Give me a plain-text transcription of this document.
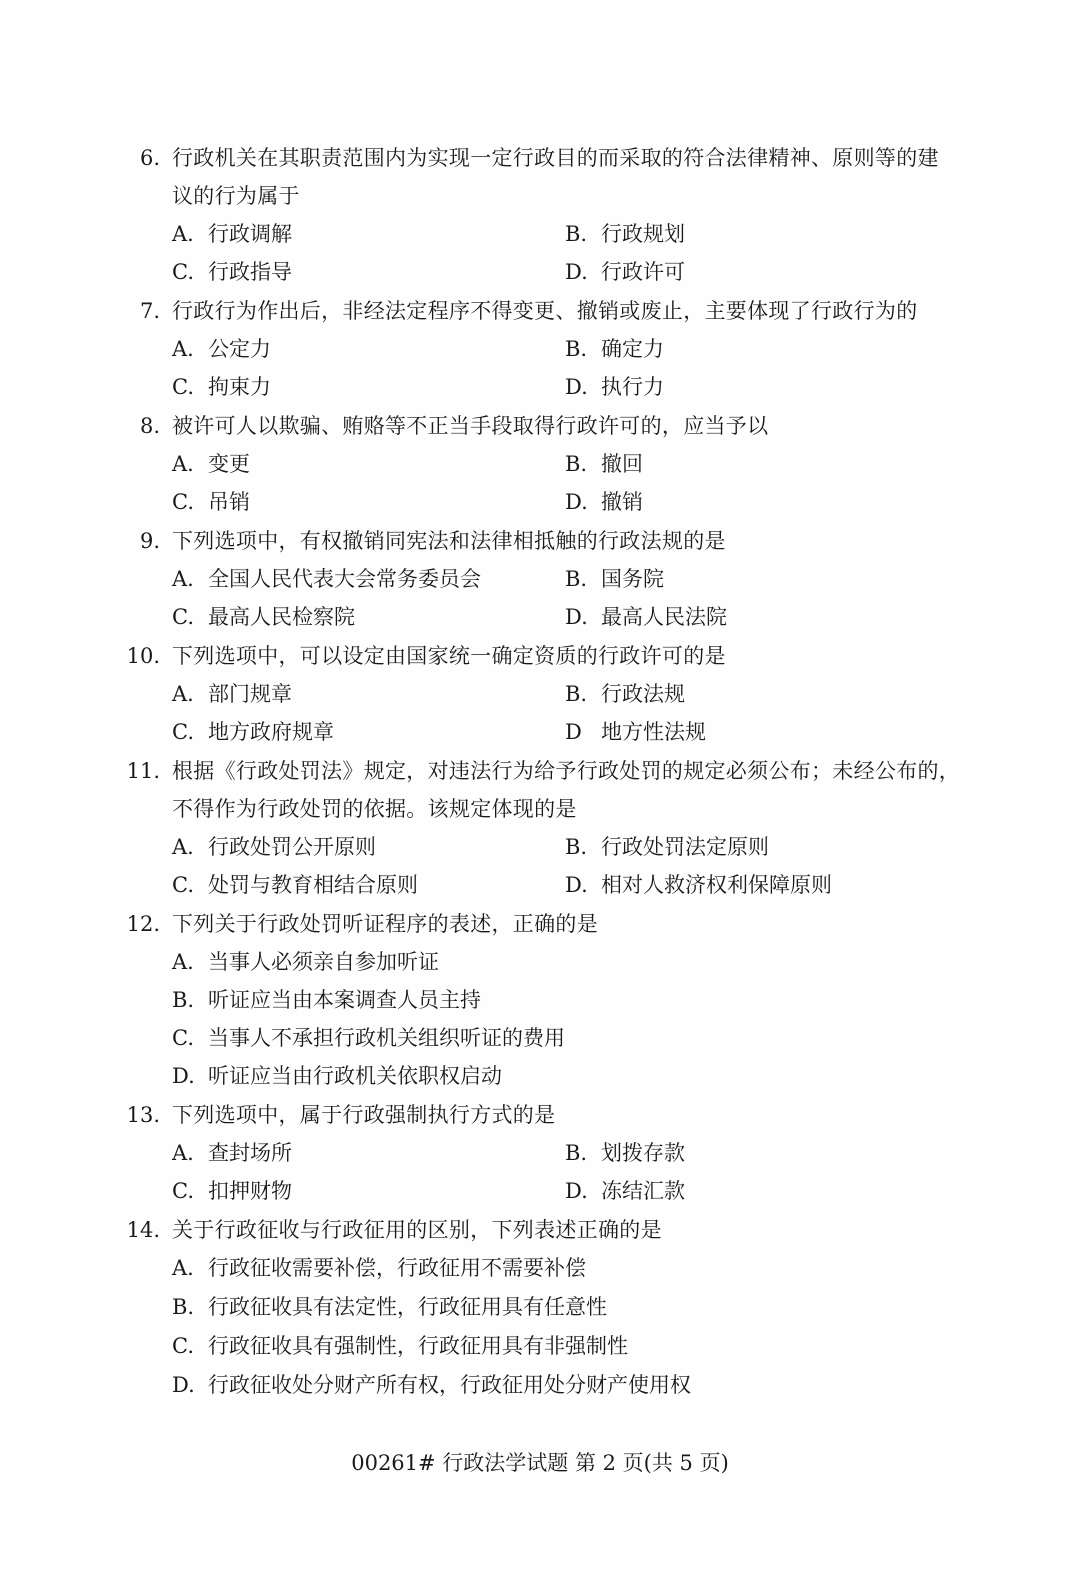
6. 行政机关在其职责范围内为实现一定行政目的而采取的符合法律精神、原则等的建
议的行为属于
A. 行政调解	B. 行政规划
C. 行政指导	D. 行政许可
7. 行政行为作出后，非经法定程序不得变更、撤销或废止，主要体现了行政行为的
A. 公定力	B. 确定力
C. 拘束力	D. 执行力
8. 被许可人以欺骗、贿赂等不正当手段取得行政许可的，应当予以
A. 变更	B. 撤回
C. 吊销	D. 撤销
9. 下列选项中，有权撤销同宪法和法律相抵触的行政法规的是
A. 全国人民代表大会常务委员会	B. 国务院
C. 最高人民检察院	D. 最高人民法院
10. 下列选项中，可以设定由国家统一确定资质的行政许可的是
A. 部门规章	B. 行政法规
C. 地方政府规章	D 地方性法规
11. 根据《行政处罚法》规定，对违法行为给予行政处罚的规定必须公布；未经公布的，
不得作为行政处罚的依据。该规定体现的是
A. 行政处罚公开原则	B. 行政处罚法定原则
C. 处罚与教育相结合原则	D. 相对人救济权利保障原则
12. 下列关于行政处罚听证程序的表述，正确的是
A. 当事人必须亲自参加听证
B. 听证应当由本案调查人员主持
C. 当事人不承担行政机关组织听证的费用
D. 听证应当由行政机关依职权启动
13. 下列选项中，属于行政强制执行方式的是
A. 查封场所	B. 划拨存款
C. 扣押财物	D. 冻结汇款
14. 关于行政征收与行政征用的区别，下列表述正确的是
A. 行政征收需要补偿，行政征用不需要补偿
B. 行政征收具有法定性，行政征用具有任意性
C. 行政征收具有强制性，行政征用具有非强制性
D. 行政征收处分财产所有权，行政征用处分财产使用权
00261# 行政法学试题 第 2 页(共 5 页)
